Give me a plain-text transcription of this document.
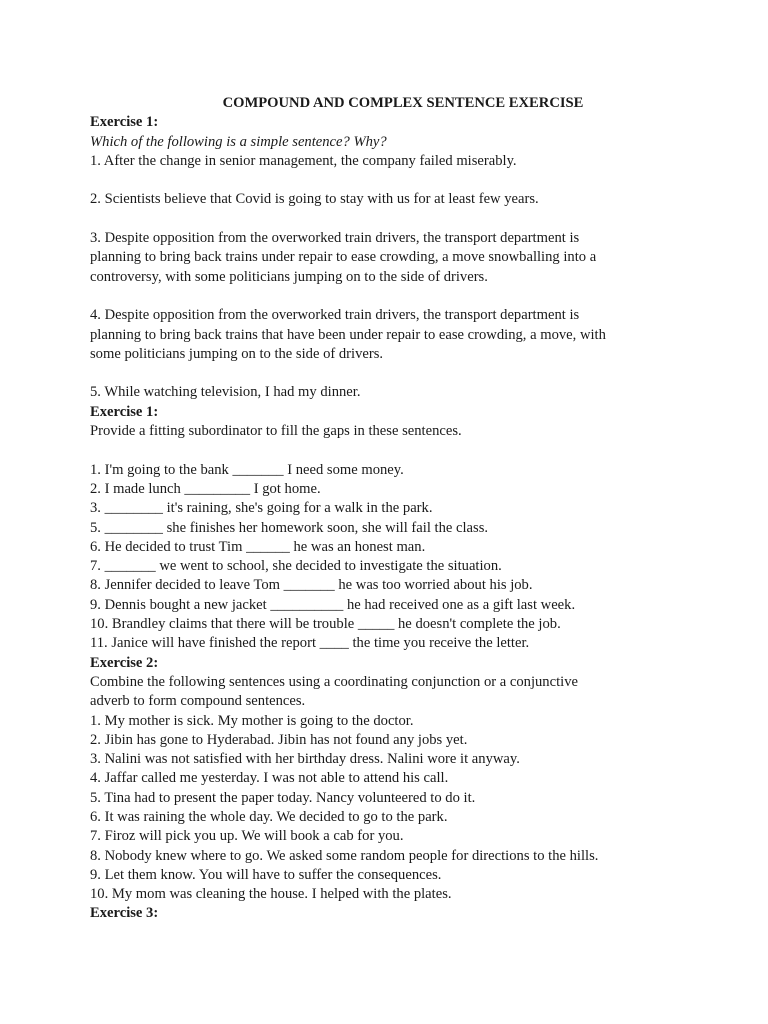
COMPOUND AND COMPLEX SENTENCE EXERCISE
Exercise 1:
Which of the following is a simple sentence? Why?
1. After the change in senior management, the company failed miserably.
2. Scientists believe that Covid is going to stay with us for at least few years.
3. Despite opposition from the overworked train drivers, the transport department is
planning to bring back trains under repair to ease crowding, a move snowballing into a
controversy, with some politicians jumping on to the side of drivers.
4. Despite opposition from the overworked train drivers, the transport department is
planning to bring back trains that have been under repair to ease crowding, a move, with
some politicians jumping on to the side of drivers.
5. While watching television, I had my dinner.
Exercise 1:
Provide a fitting subordinator to fill the gaps in these sentences.
1. I'm going to the bank _______ I need some money.
2. I made lunch _________ I got home.
3. ________ it's raining, she's going for a walk in the park.
5. ________ she finishes her homework soon, she will fail the class.
6. He decided to trust Tim ______ he was an honest man.
7. _______ we went to school, she decided to investigate the situation.
8. Jennifer decided to leave Tom _______ he was too worried about his job.
9. Dennis bought a new jacket __________ he had received one as a gift last week.
10. Brandley claims that there will be trouble _____ he doesn't complete the job.
11. Janice will have finished the report ____ the time you receive the letter.
Exercise 2:
Combine the following sentences using a coordinating conjunction or a conjunctive
adverb to form compound sentences.
1. My mother is sick. My mother is going to the doctor.
2. Jibin has gone to Hyderabad. Jibin has not found any jobs yet.
3. Nalini was not satisfied with her birthday dress. Nalini wore it anyway.
4. Jaffar called me yesterday. I was not able to attend his call.
5. Tina had to present the paper today. Nancy volunteered to do it.
6. It was raining the whole day. We decided to go to the park.
7. Firoz will pick you up. We will book a cab for you.
8. Nobody knew where to go. We asked some random people for directions to the hills.
9. Let them know. You will have to suffer the consequences.
10. My mom was cleaning the house. I helped with the plates.
Exercise 3:
